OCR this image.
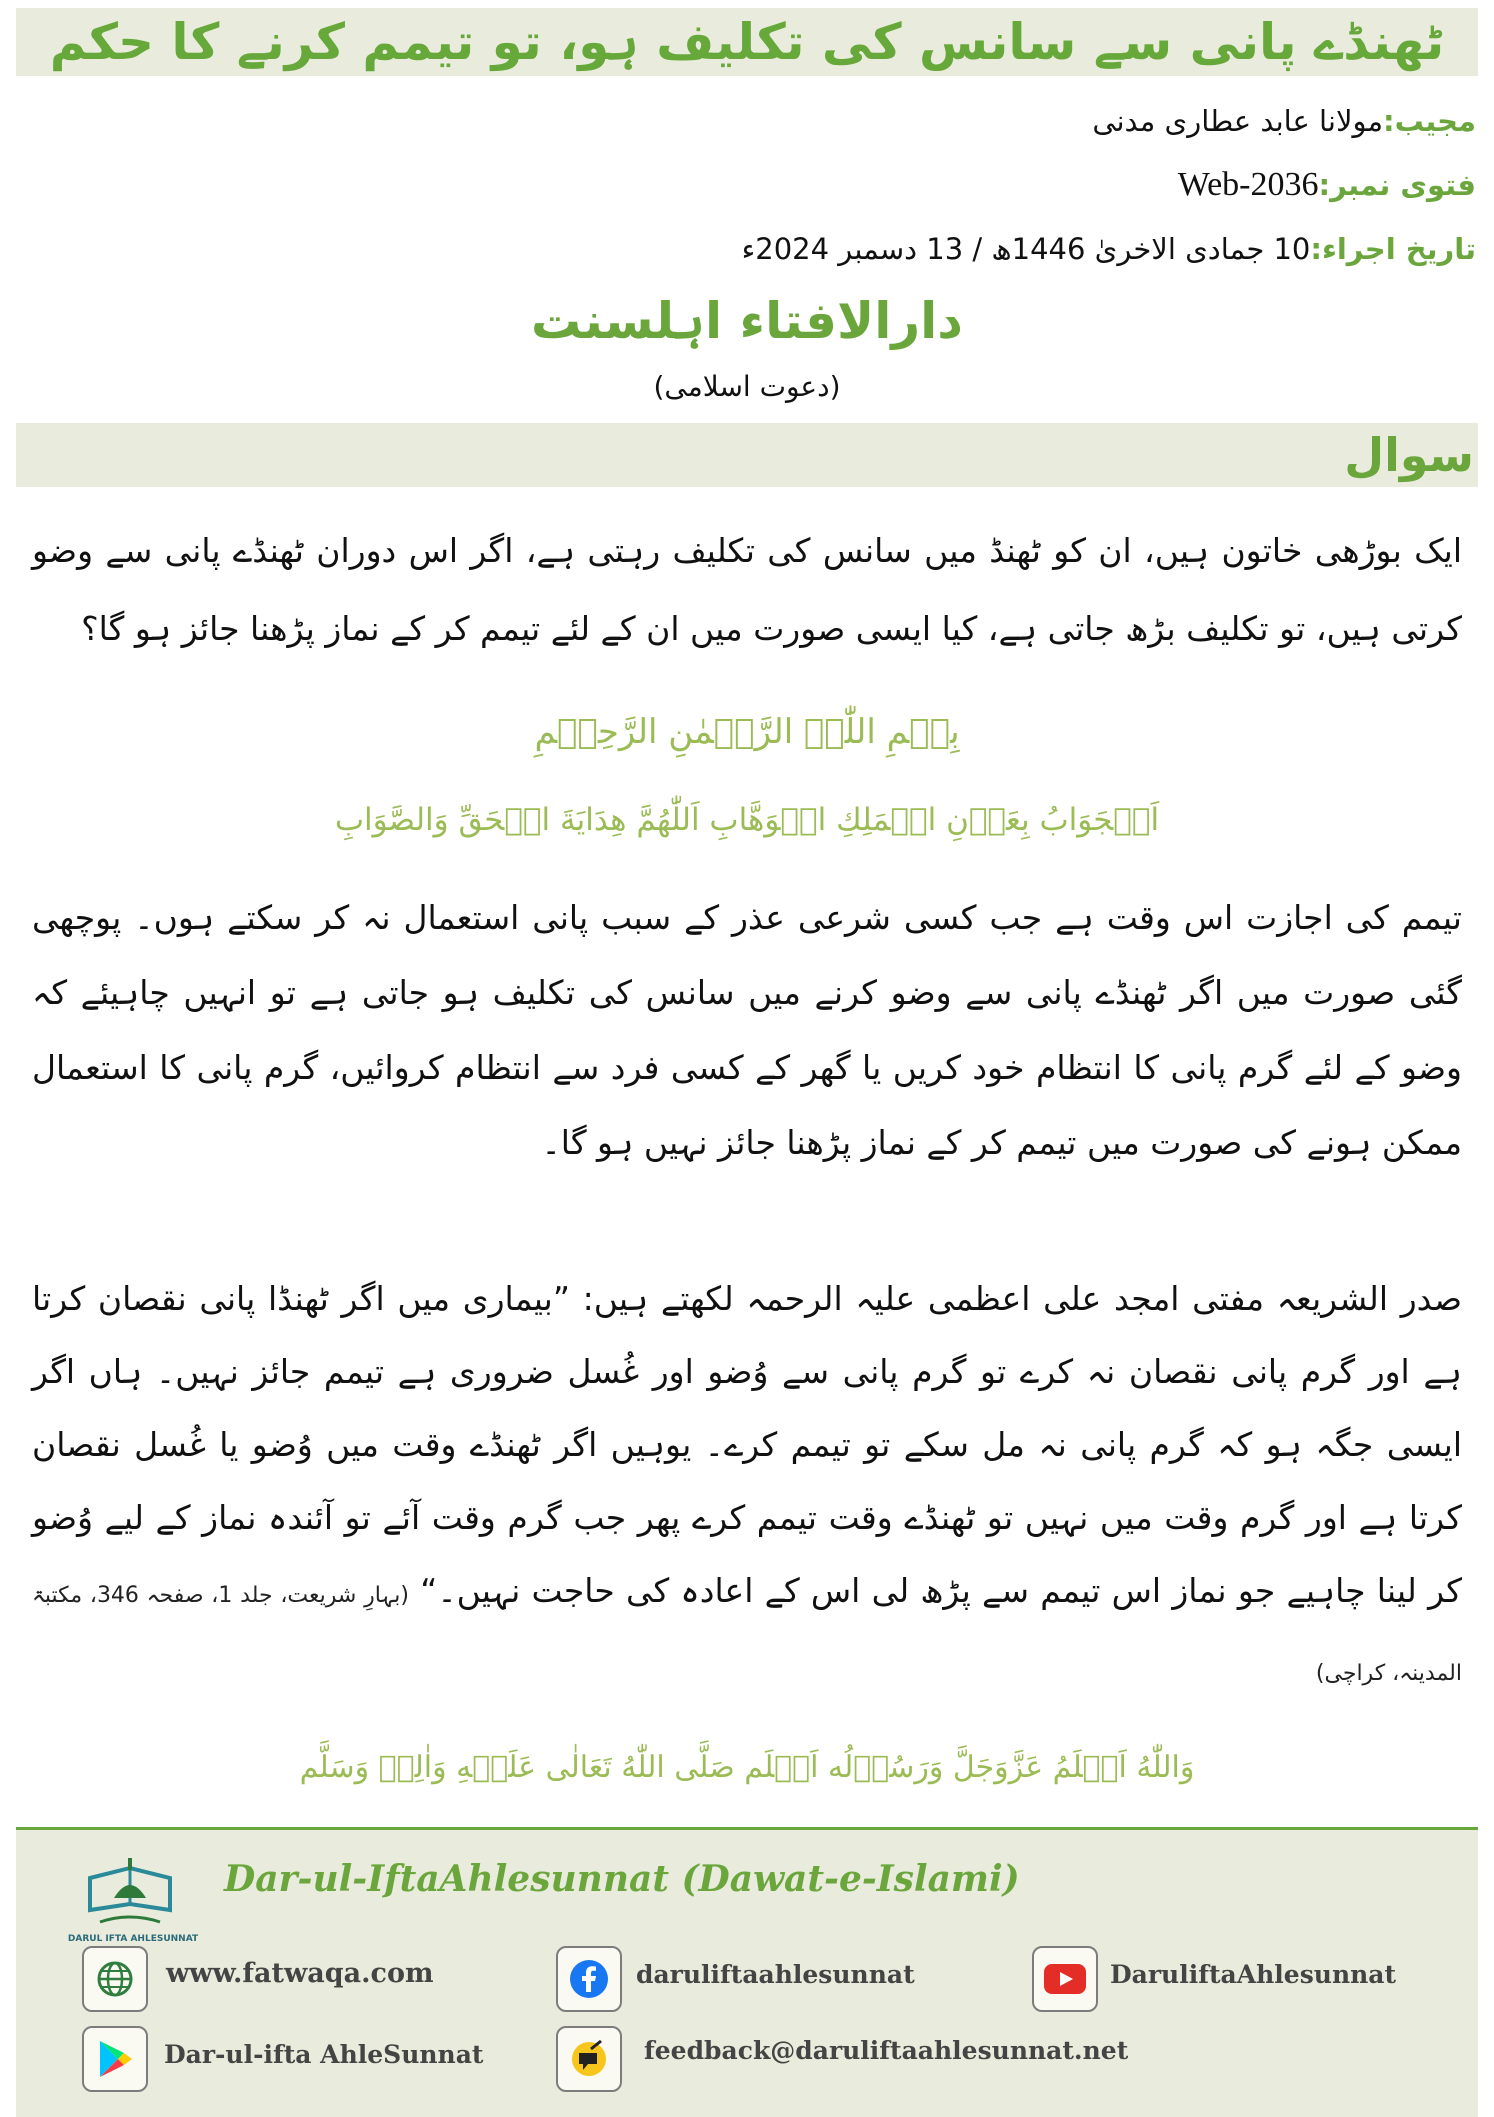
ٹھنڈے پانی سے سانس کی تکلیف ہو، تو تیمم کرنے کا حکم
مجیب:مولانا عابد عطاری مدنی
فتوی نمبر:Web-2036
تاریخ اجراء:10 جمادی الاخریٰ 1446ھ / 13 دسمبر 2024ء
دارالافتاء اہلسنت
(دعوت اسلامی)
سوال
ایک بوڑھی خاتون ہیں، ان کو ٹھنڈ میں سانس کی تکلیف رہتی ہے، اگر اس دوران ٹھنڈے پانی سے وضو کرتی ہیں، تو تکلیف بڑھ جاتی ہے، کیا ایسی صورت میں ان کے لئے تیمم کر کے نماز پڑھنا جائز ہو گا؟
بِسۡمِ اللّٰہِ الرَّحۡمٰنِ الرَّحِیۡمِ
اَلۡجَوَابُ بِعَوۡنِ الۡمَلِكِ الۡوَهَّابِ اَللّٰهُمَّ هِدَايَةَ الۡحَقِّ وَالصَّوَابِ
تیمم کی اجازت اس وقت ہے جب کسی شرعی عذر کے سبب پانی استعمال نہ کر سکتے ہوں۔ پوچھی گئی صورت میں اگر ٹھنڈے پانی سے وضو کرنے میں سانس کی تکلیف ہو جاتی ہے تو انہیں چاہیئے کہ وضو کے لئے گرم پانی کا انتظام خود کریں یا گھر کے کسی فرد سے انتظام کروائیں، گرم پانی کا استعمال ممکن ہونے کی صورت میں تیمم کر کے نماز پڑھنا جائز نہیں ہو گا۔
صدر الشریعہ مفتی امجد علی اعظمی علیہ الرحمہ لکھتے ہیں: ”بیماری میں اگر ٹھنڈا پانی نقصان کرتا ہے اور گرم پانی نقصان نہ کرے تو گرم پانی سے وُضو اور غُسل ضروری ہے تیمم جائز نہیں۔ ہاں اگر ایسی جگہ ہو کہ گرم پانی نہ مل سکے تو تیمم کرے۔ یوہیں اگر ٹھنڈے وقت میں وُضو یا غُسل نقصان کرتا ہے اور گرم وقت میں نہیں تو ٹھنڈے وقت تیمم کرے پھر جب گرم وقت آئے تو آئندہ نماز کے لیے وُضو کر لینا چاہیے جو نماز اس تیمم سے پڑھ لی اس کے اعادہ کی حاجت نہیں۔“ (بہارِ شریعت، جلد 1، صفحہ 346، مکتبۃ المدینہ، کراچی)
وَاللّٰهُ اَعۡلَمُ عَزَّوَجَلَّ وَرَسُوۡلُه اَعۡلَم صَلَّى اللّٰهُ تَعَالٰى عَلَيۡهِ وَاٰلِهٖ وَسَلَّم
DARUL IFTA AHLESUNNAT
Dar-ul-IftaAhlesunnat (Dawat-e-Islami)
www.fatwaqa.com	daruliftaahlesunnat	DaruliftaAhlesunnat
Dar-ul-ifta AhleSunnat	feedback@daruliftaahlesunnat.net
